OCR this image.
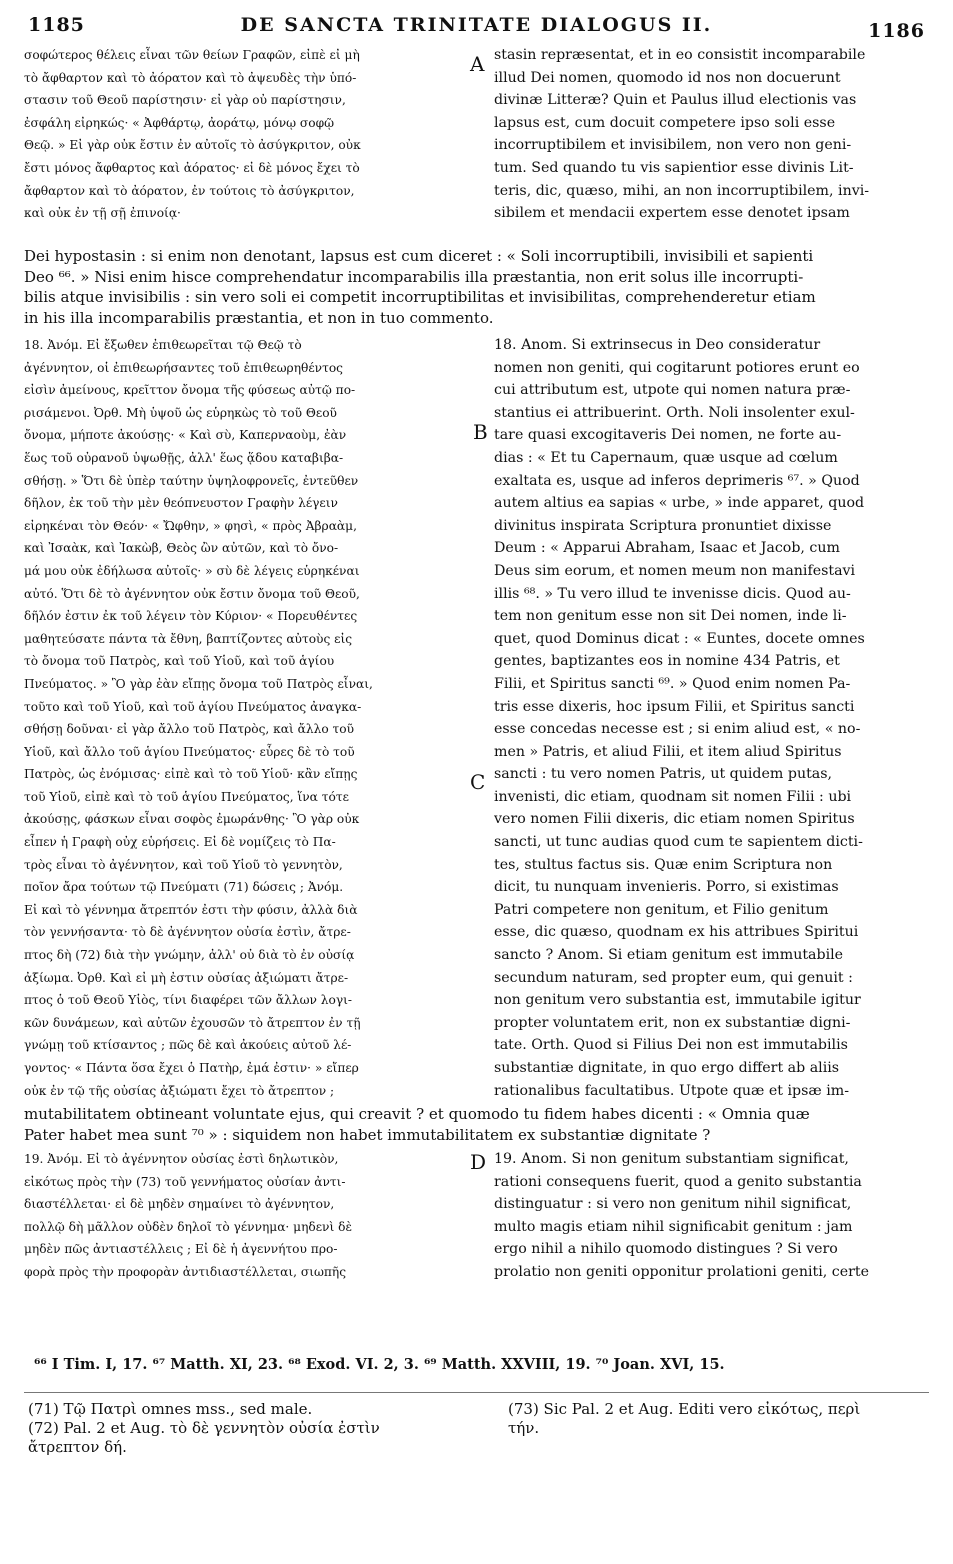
1185	DE SANCTA TRINITATE DIALOGUS II.	1186
σοφώτερος θέλεις εἶναι τῶν θείων Γραφῶν, εἰπὲ εἰ μὴ
τὸ ἄφθαρτον καὶ τὸ ἀόρατον καὶ τὸ ἀψευδὲς τὴν ὑπό-
στασιν τοῦ Θεοῦ παρίστησιν· εἰ γὰρ οὐ παρίστησιν,
ἐσφάλη εἰρηκώς· « Ἀφθάρτῳ, ἀοράτῳ, μόνῳ σοφῷ
Θεῷ. » Εἰ γὰρ οὐκ ἔστιν ἐν αὐτοῖς τὸ ἀσύγκριτον, οὐκ
ἔστι μόνος ἄφθαρτος καὶ ἀόρατος· εἰ δὲ μόνος ἔχει τὸ
ἄφθαρτον καὶ τὸ ἀόρατον, ἐν τούτοις τὸ ἀσύγκριτον,
καὶ οὐκ ἐν τῇ σῇ ἐπινοίᾳ·
A stasin repræsentat, et in eo consistit incomparabile
illud Dei nomen, quomodo id nos non docuerunt
divinæ Litteræ? Quin et Paulus illud electionis vas
lapsus est, cum docuit competere ipso soli esse
incorruptibilem et invisibilem, non vero non geni-
tum. Sed quando tu vis sapientior esse divinis Lit-
teris, dic, quæso, mihi, an non incorruptibilem, invi-
sibilem et mendacii expertem esse denotet ipsam
Dei hypostasin : si enim non denotant, lapsus est cum diceret : « Soli incorruptibili, invisibili et sapienti
Deo ⁶⁶. » Nisi enim hisce comprehendatur incomparabilis illa præstantia, non erit solus ille incorrupti-
bilis atque invisibilis : sin vero soli ei competit incorruptibilitas et invisibilitas, comprehenderetur etiam
in his illa incomparabilis præstantia, et non in tuo commento.
18. Ἀνόμ. Εἰ ἔξωθεν ἐπιθεωρεῖται τῷ Θεῷ τὸ
ἀγέννητον, οἱ ἐπιθεωρήσαντες τοῦ ἐπιθεωρηθέντος
εἰσὶν ἀμείνους, κρεῖττον ὄνομα τῆς φύσεως αὐτῷ πο-
ρισάμενοι. Ὀρθ. Μὴ ὑψοῦ ὡς εὑρηκὼς τὸ τοῦ Θεοῦ
ὄνομα, μήποτε ἀκούσῃς· « Καὶ σὺ, Καπερναοὺμ, ἐὰν
ἕως τοῦ οὐρανοῦ ὑψωθῇς, ἀλλ' ἕως ᾅδου καταβιβα-
σθήσῃ. » Ὅτι δὲ ὑπὲρ ταύτην ὑψηλοφρονεῖς, ἐντεῦθεν
δῆλον, ἐκ τοῦ τὴν μὲν θεόπνευστον Γραφὴν λέγειν
εἰρηκέναι τὸν Θεόν· « Ὤφθην, » φησὶ, « πρὸς Ἀβραὰμ,
καὶ Ἰσαὰκ, καὶ Ἰακὼβ, Θεὸς ὢν αὐτῶν, καὶ τὸ ὄνο-
μά μου οὐκ ἐδήλωσα αὐτοῖς· » σὺ δὲ λέγεις εὑρηκέναι
αὐτό. Ὅτι δὲ τὸ ἀγέννητον οὐκ ἔστιν ὄνομα τοῦ Θεοῦ,
δῆλόν ἐστιν ἐκ τοῦ λέγειν τὸν Κύριον· « Πορευθέντες
μαθητεύσατε πάντα τὰ ἔθνη, βαπτίζοντες αὐτοὺς εἰς
τὸ ὄνομα τοῦ Πατρὸς, καὶ τοῦ Υἱοῦ, καὶ τοῦ ἁγίου
Πνεύματος. » Ὃ γὰρ ἐὰν εἴπῃς ὄνομα τοῦ Πατρὸς εἶναι,
τοῦτο καὶ τοῦ Υἱοῦ, καὶ τοῦ ἁγίου Πνεύματος ἀναγκα-
σθήσῃ δοῦναι· εἰ γὰρ ἄλλο τοῦ Πατρὸς, καὶ ἄλλο τοῦ
Υἱοῦ, καὶ ἄλλο τοῦ ἁγίου Πνεύματος· εὗρες δὲ τὸ τοῦ
Πατρὸς, ὡς ἐνόμισας· εἰπὲ καὶ τὸ τοῦ Υἱοῦ· κἂν εἴπῃς
τοῦ Υἱοῦ, εἰπὲ καὶ τὸ τοῦ ἁγίου Πνεύματος, ἵνα τότε
ἀκούσῃς, φάσκων εἶναι σοφὸς ἐμωράνθης· Ὃ γὰρ οὐκ
εἶπεν ἡ Γραφὴ οὐχ εὑρήσεις. Εἰ δὲ νομίζεις τὸ Πα-
τρὸς εἶναι τὸ ἀγέννητον, καὶ τοῦ Υἱοῦ τὸ γεννητὸν,
ποῖον ἄρα τούτων τῷ Πνεύματι (71) δώσεις ; Ἀνόμ.
Εἰ καὶ τὸ γέννημα ἄτρεπτόν ἐστι τὴν φύσιν, ἀλλὰ διὰ
τὸν γεννήσαντα· τὸ δὲ ἀγέννητον οὐσία ἐστὶν, ἄτρε-
πτος δὴ (72) διὰ τὴν γνώμην, ἀλλ' οὐ διὰ τὸ ἐν οὐσίᾳ
ἀξίωμα. Ὀρθ. Καὶ εἰ μὴ ἐστιν οὐσίας ἀξιώματι ἄτρε-
πτος ὁ τοῦ Θεοῦ Υἱὸς, τίνι διαφέρει τῶν ἄλλων λογι-
κῶν δυνάμεων, καὶ αὐτῶν ἐχουσῶν τὸ ἄτρεπτον ἐν τῇ
γνώμῃ τοῦ κτίσαντος ; πῶς δὲ καὶ ἀκούεις αὐτοῦ λέ-
γοντος· « Πάντα ὅσα ἔχει ὁ Πατὴρ, ἐμά ἐστιν· » εἴπερ
οὐκ ἐν τῷ τῆς οὐσίας ἀξιώματι ἔχει τὸ ἄτρεπτον ;
B
C
18. Anom. Si extrinsecus in Deo consideratur
nomen non geniti, qui cogitarunt potiores erunt eo
cui attributum est, utpote qui nomen natura præ-
stantius ei attribuerint. Orth. Noli insolenter exul-
tare quasi excogitaveris Dei nomen, ne forte au-
dias : « Et tu Capernaum, quæ usque ad cœlum
exaltata es, usque ad inferos deprimeris ⁶⁷. » Quod
autem altius ea sapias « urbe, » inde apparet, quod
divinitus inspirata Scriptura pronuntiet dixisse
Deum : « Apparui Abraham, Isaac et Jacob, cum
Deus sim eorum, et nomen meum non manifestavi
illis ⁶⁸. » Tu vero illud te invenisse dicis. Quod au-
tem non genitum esse non sit Dei nomen, inde li-
quet, quod Dominus dicat : « Euntes, docete omnes
gentes, baptizantes eos in nomine 434 Patris, et
Filii, et Spiritus sancti ⁶⁹. » Quod enim nomen Pa-
tris esse dixeris, hoc ipsum Filii, et Spiritus sancti
esse concedas necesse est ; si enim aliud est, « no-
men » Patris, et aliud Filii, et item aliud Spiritus
sancti : tu vero nomen Patris, ut quidem putas,
invenisti, dic etiam, quodnam sit nomen Filii : ubi
vero nomen Filii dixeris, dic etiam nomen Spiritus
sancti, ut tunc audias quod cum te sapientem dicti-
tes, stultus factus sis. Quæ enim Scriptura non
dicit, tu nunquam invenieris. Porro, si existimas
Patri competere non genitum, et Filio genitum
esse, dic quæso, quodnam ex his attribues Spiritui
sancto ? Anom. Si etiam genitum est immutabile
secundum naturam, sed propter eum, qui genuit :
non genitum vero substantia est, immutabile igitur
propter voluntatem erit, non ex substantiæ digni-
tate. Orth. Quod si Filius Dei non est immutabilis
substantiæ dignitate, in quo ergo differt ab aliis
rationalibus facultatibus. Utpote quæ et ipsæ im-
mutabilitatem obtineant voluntate ejus, qui creavit ? et quomodo tu fidem habes dicenti : « Omnia quæ
Pater habet mea sunt ⁷⁰ » : siquidem non habet immutabilitatem ex substantiæ dignitate ?
19. Ἀνόμ. Εἰ τὸ ἀγέννητον οὐσίας ἐστὶ δηλωτικὸν,
εἰκότως πρὸς τὴν (73) τοῦ γεννήματος οὐσίαν ἀντι-
διαστέλλεται· εἰ δὲ μηδὲν σημαίνει τὸ ἀγέννητον,
πολλῷ δὴ μᾶλλον οὐδὲν δηλοῖ τὸ γέννημα· μηδενὶ δὲ
μηδὲν πῶς ἀντιαστέλλεις ; Εἰ δὲ ἡ ἀγεννήτου προ-
φορὰ πρὸς τὴν προφορὰν ἀντιδιαστέλλεται, σιωπῆς
D 19. Anom. Si non genitum substantiam significat,
rationi consequens fuerit, quod a genito substantia
distinguatur : si vero non genitum nihil significat,
multo magis etiam nihil significabit genitum : jam
ergo nihil a nihilo quomodo distingues ? Si vero
prolatio non geniti opponitur prolationi geniti, certe
⁶⁶ I Tim. I, 17. ⁶⁷ Matth. XI, 23. ⁶⁸ Exod. VI. 2, 3. ⁶⁹ Matth. XXVIII, 19. ⁷⁰ Joan. XVI, 15.
(71) Τῷ Πατρὶ omnes mss., sed male.
(72) Pal. 2 et Aug. τὸ δὲ γεννητὸν οὐσία ἐστὶν
ἄτρεπτον δή.
(73) Sic Pal. 2 et Aug. Editi vero εἰκότως, περὶ
τήν.
